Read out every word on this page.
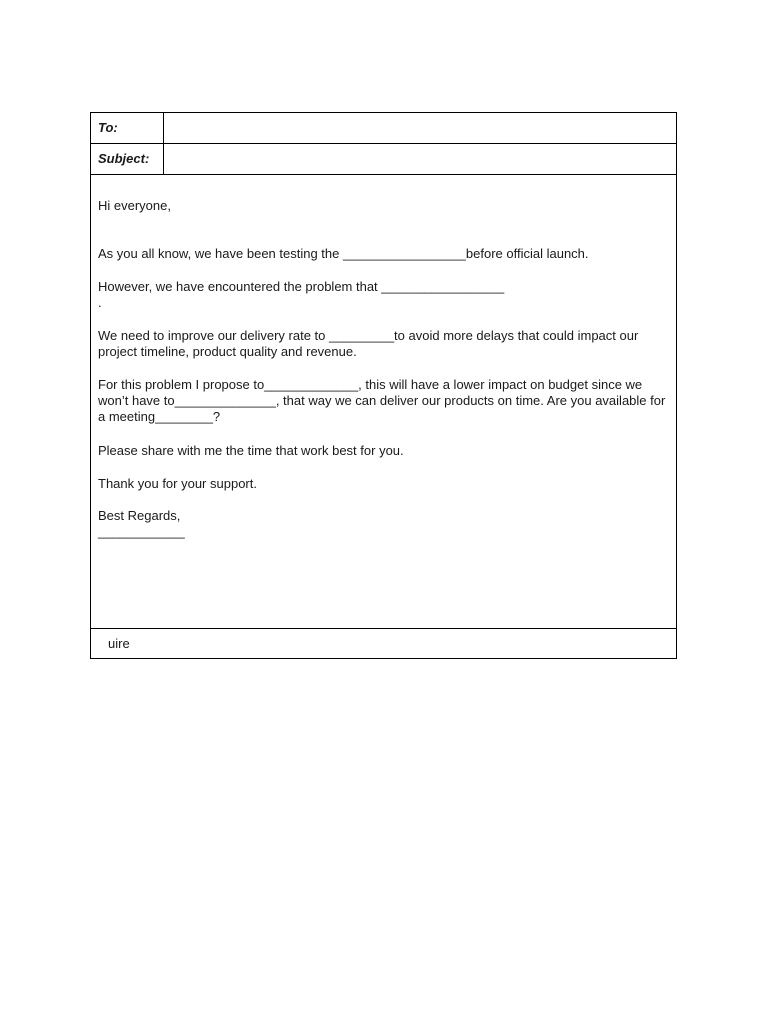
To:
Subject:

Hi everyone,

As you all know, we have been testing the _________________before official launch.

However, we have encountered the problem that _________________

.

We need to improve our delivery rate to _________to avoid more delays that could impact our project timeline, product quality and revenue.

For this problem I propose to_____________, this will have a lower impact on budget since we won’t have to______________, that way we can deliver our products on time. Are you available for a meeting________?

Please share with me the time that work best for you.

Thank you for your support.

Best Regards,

____________

uire
